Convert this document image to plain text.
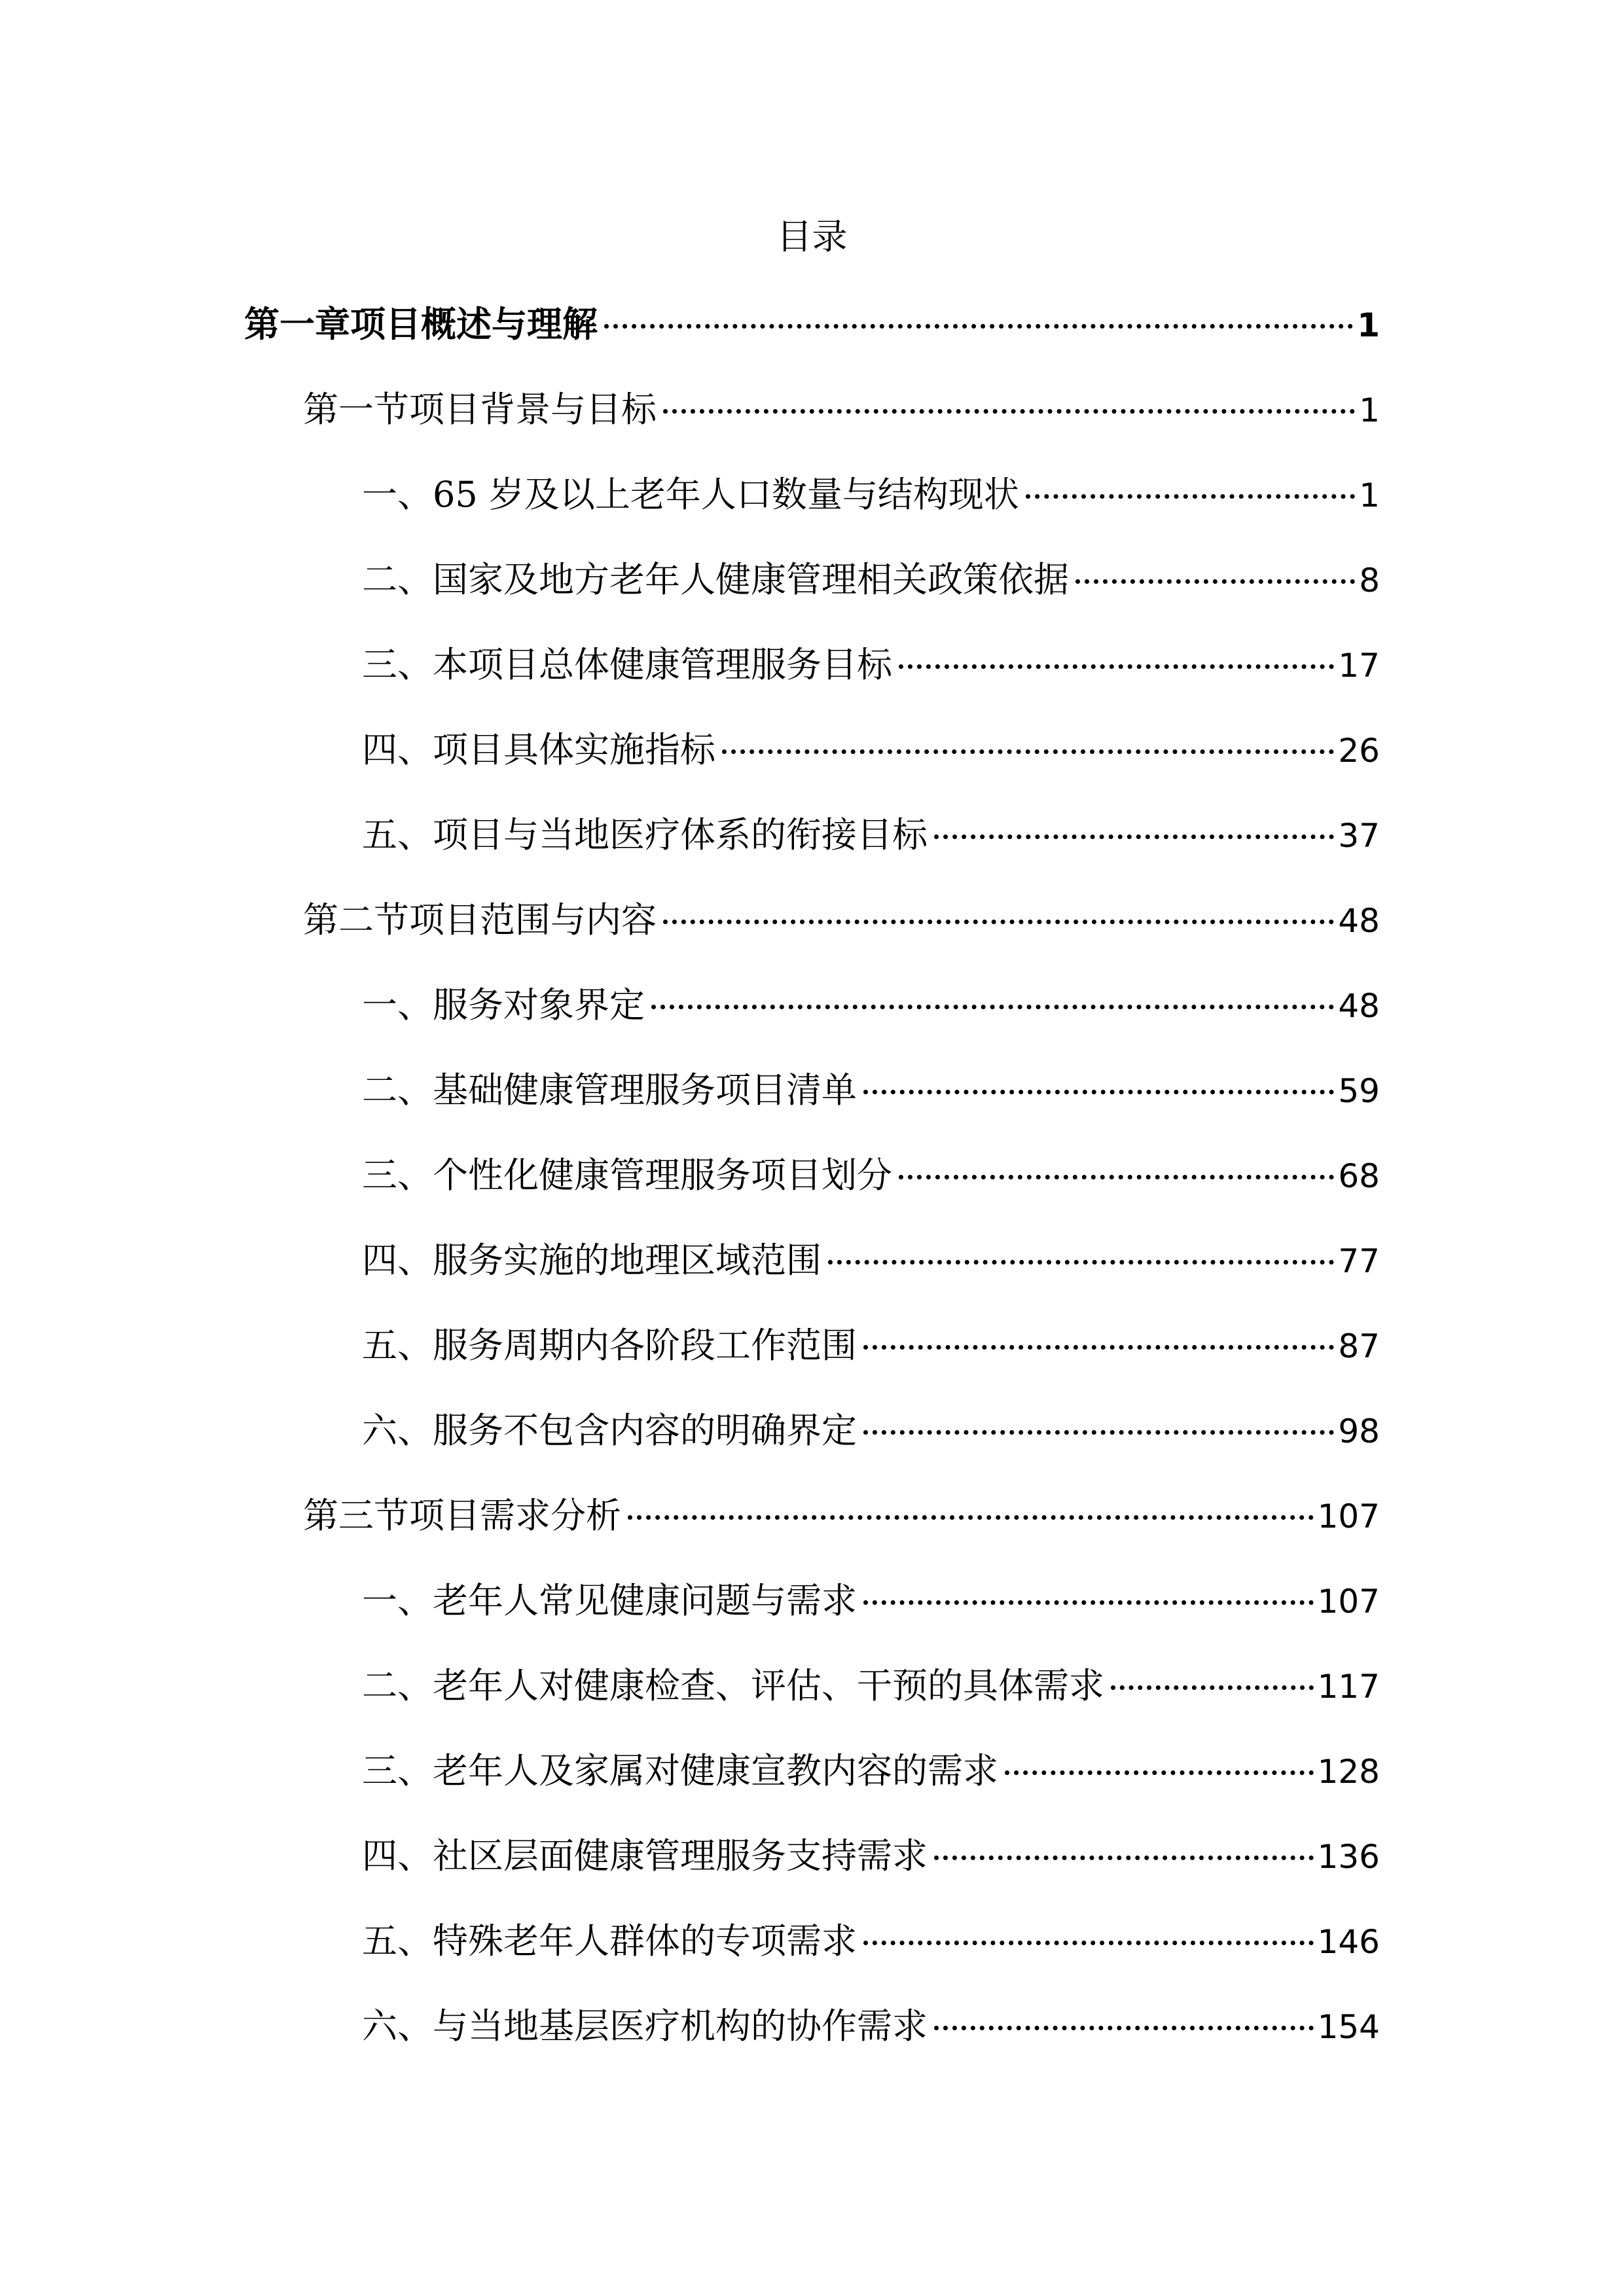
目录
第一章项目概述与理解	1
第一节项目背景与目标	1
一、65 岁及以上老年人口数量与结构现状	1
二、国家及地方老年人健康管理相关政策依据	8
三、本项目总体健康管理服务目标	17
四、项目具体实施指标	26
五、项目与当地医疗体系的衔接目标	37
第二节项目范围与内容	48
一、服务对象界定	48
二、基础健康管理服务项目清单	59
三、个性化健康管理服务项目划分	68
四、服务实施的地理区域范围	77
五、服务周期内各阶段工作范围	87
六、服务不包含内容的明确界定	98
第三节项目需求分析	107
一、老年人常见健康问题与需求	107
二、老年人对健康检查、评估、干预的具体需求	117
三、老年人及家属对健康宣教内容的需求	128
四、社区层面健康管理服务支持需求	136
五、特殊老年人群体的专项需求	146
六、与当地基层医疗机构的协作需求	154
